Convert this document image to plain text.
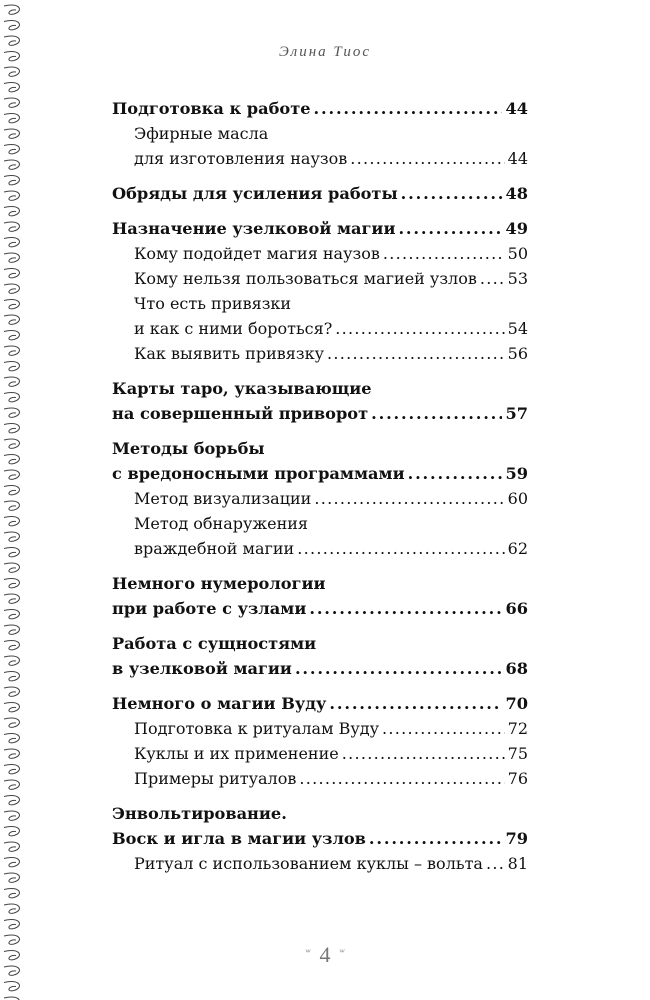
Элина Тиос
Подготовка к работе . . .	44
Эфирные масла
для изготовления наузов . . .	44
Обряды для усиления работы . . .	48
Назначение узелковой магии . . .	49
Кому подойдет магия наузов . . .	50
Кому нельзя пользоваться магией узлов . . . 53
Что есть привязки
и как с ними бороться? . . .	54
Как выявить привязку . . .	56
Карты таро, указывающие
на совершенный приворот . . .	57
Методы борьбы
с вредоносными программами . . .	59
Метод визуализации . . .	60
Метод обнаружения
враждебной магии . . .	62
Немного нумерологии
при работе с узлами . . .	66
Работа с сущностями
в узелковой магии . . .	68
Немного о магии Вуду . . .	70
Подготовка к ритуалам Вуду . . .	72
Куклы и их применение . . .	75
Примеры ритуалов . . .	76
Энвольтирование.
Воск и игла в магии узлов . . .	79
Ритуал с использованием куклы – вольта . . . 81
4
